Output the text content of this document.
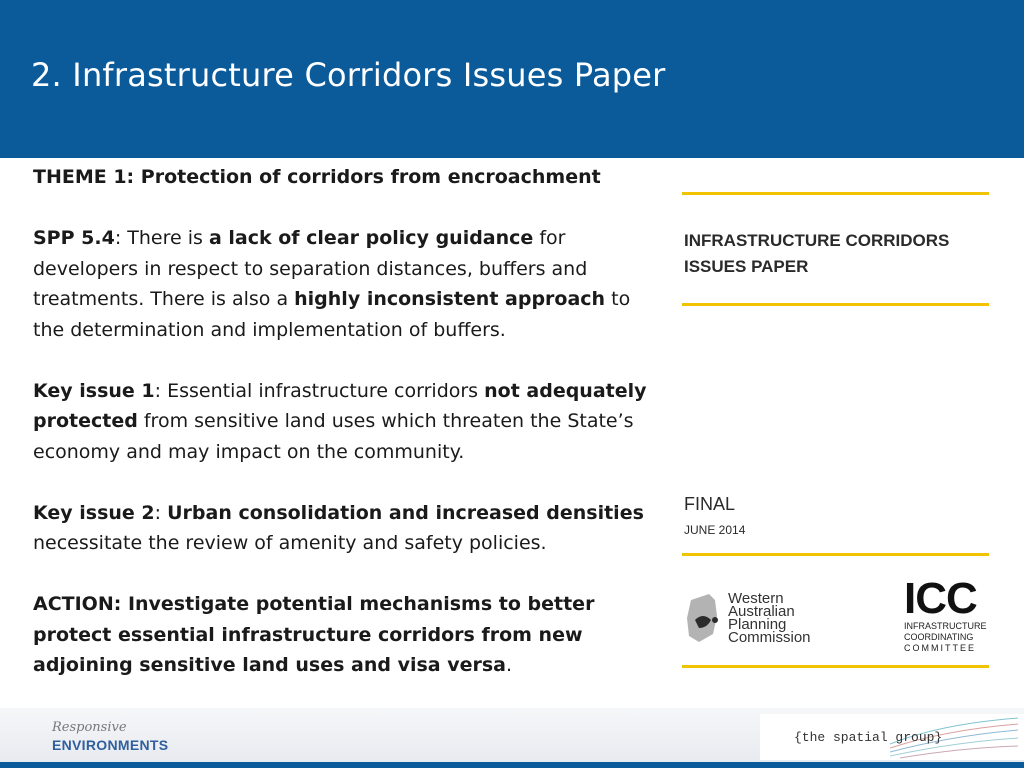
2. Infrastructure Corridors Issues Paper

THEME 1: Protection of corridors from encroachment

SPP 5.4: There is a lack of clear policy guidance for developers in respect to separation distances, buffers and treatments. There is also a highly inconsistent approach to the determination and implementation of buffers.

Key issue 1: Essential infrastructure corridors not adequately protected from sensitive land uses which threaten the State’s economy and may impact on the community.

Key issue 2: Urban consolidation and increased densities necessitate the review of amenity and safety policies.

ACTION: Investigate potential mechanisms to better protect essential infrastructure corridors from new adjoining sensitive land uses and visa versa.

INFRASTRUCTURE CORRIDORS
ISSUES PAPER
FINAL
JUNE 2014
Western
Australian
Planning
Commission
ICC
INFRASTRUCTURE
COORDINATING
COMMITTEE
Responsive
ENVIRONMENTS	{the spatial group}
